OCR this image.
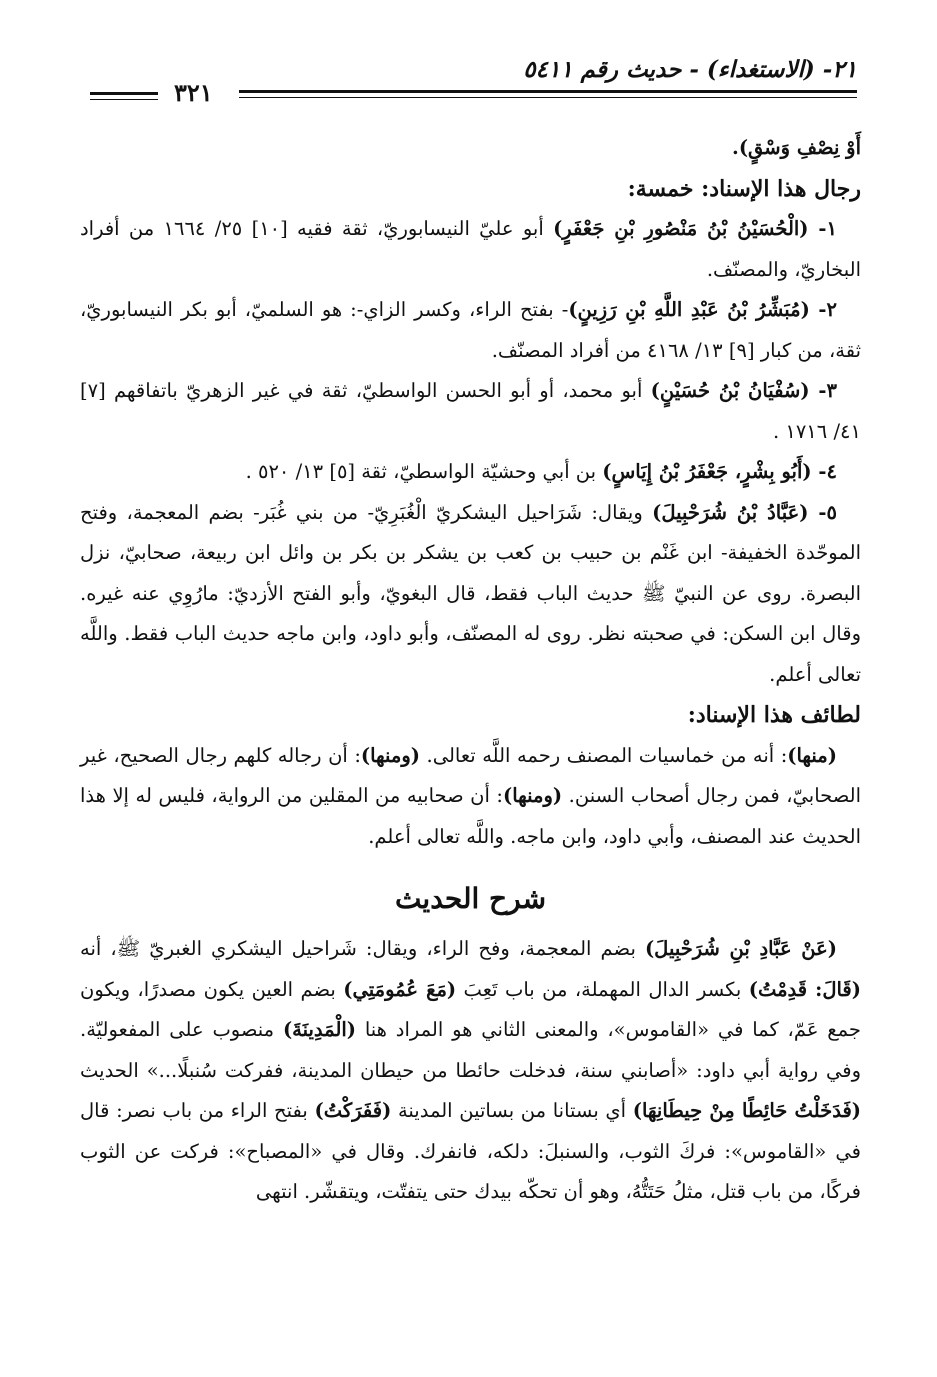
٢١- (الاستغداء) - حديث رقم ٥٤١١
٣٢١

أَوْ نِصْفِ وَسْقٍ).

رجال هذا الإسناد: خمسة:

١- (الْحُسَيْنُ بْنُ مَنْصُورِ بْنِ جَعْفَرٍ) أبو عليّ النيسابوريّ، ثقة فقيه [١٠] ٢٥/ ١٦٦٤ من أفراد البخاريّ، والمصنّف.

٢- (مُبَشِّرُ بْنُ عَبْدِ اللَّهِ بْنِ رَزِينٍ)- بفتح الراء، وكسر الزاي-: هو السلميّ، أبو بكر النيسابوريّ، ثقة، من كبار [٩] ١٣/ ٤١٦٨ من أفراد المصنّف.

٣- (سُفْيَانُ بْنُ حُسَيْنٍ) أبو محمد، أو أبو الحسن الواسطيّ، ثقة في غير الزهريّ باتفاقهم [٧] ٤١/ ١٧١٦ .

٤- (أَبُو بِشْرٍ، جَعْفَرُ بْنُ إِيَاسٍ) بن أبي وحشيّة الواسطيّ، ثقة [٥] ١٣/ ٥٢٠ .

٥- (عَبَّادُ بْنُ شُرَحْبِيلَ) ويقال: شَرَاحيل اليشكريّ الْغُبَرِيّ- من بني غُبَر- بضم المعجمة، وفتح الموحّدة الخفيفة- ابن غَنْم بن حبيب بن كعب بن يشكر بن بكر بن وائل ابن ربيعة، صحابيّ، نزل البصرة. روى عن النبيّ ﷺ حديث الباب فقط، قال البغويّ، وأبو الفتح الأزديّ: مارُوِي عنه غيره. وقال ابن السكن: في صحبته نظر. روى له المصنّف، وأبو داود، وابن ماجه حديث الباب فقط. واللَّه تعالى أعلم.

لطائف هذا الإسناد:

(منها): أنه من خماسيات المصنف رحمه اللَّه تعالى. (ومنها): أن رجاله كلهم رجال الصحيح، غير الصحابيّ، فمن رجال أصحاب السنن. (ومنها): أن صحابيه من المقلين من الرواية، فليس له إلا هذا الحديث عند المصنف، وأبي داود، وابن ماجه. واللَّه تعالى أعلم.

شرح الحديث

(عَنْ عَبَّادِ بْنِ شُرَحْبِيلَ) بضم المعجمة، وفح الراء، ويقال: شَراحيل اليشكري الغبريّ ﷺ، أنه (قَالَ: قَدِمْتُ) بكسر الدال المهملة، من باب تَعِبَ (مَعَ عُمُومَتِي) بضم العين يكون مصدرًا، ويكون جمع عَمّ، كما في «القاموس»، والمعنى الثاني هو المراد هنا (الْمَدِينَةَ) منصوب على المفعوليّة. وفي رواية أبي داود: «أصابني سنة، فدخلت حائطا من حيطان المدينة، ففركت سُنبلًا...» الحديث (فَدَخَلْتُ حَائِطًا مِنْ حِيطَانِهَا) أي بستانا من بساتين المدينة (فَفَرَكْتُ) بفتح الراء من باب نصر: قال في «القاموس»: فركَ الثوب، والسنبلَ: دلكه، فانفرك. وقال في «المصباح»: فركت عن الثوب فركًا، من باب قتل، مثلُ حَتَتُّهُ، وهو أن تحكّه بيدك حتى يتفتّت، ويتقشّر. انتهى
